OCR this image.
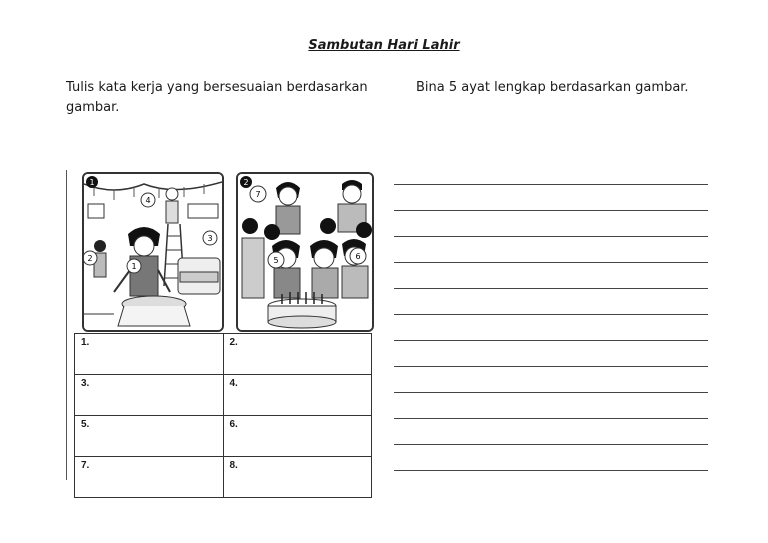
Sambutan Hari Lahir
Tulis kata kerja yang bersesuaian berdasarkan gambar.
Bina 5 ayat lengkap berdasarkan gambar.
1
4
3
2
1
2
7
5	6
1.	2.
3.	4.
5.	6.
7.	8.
